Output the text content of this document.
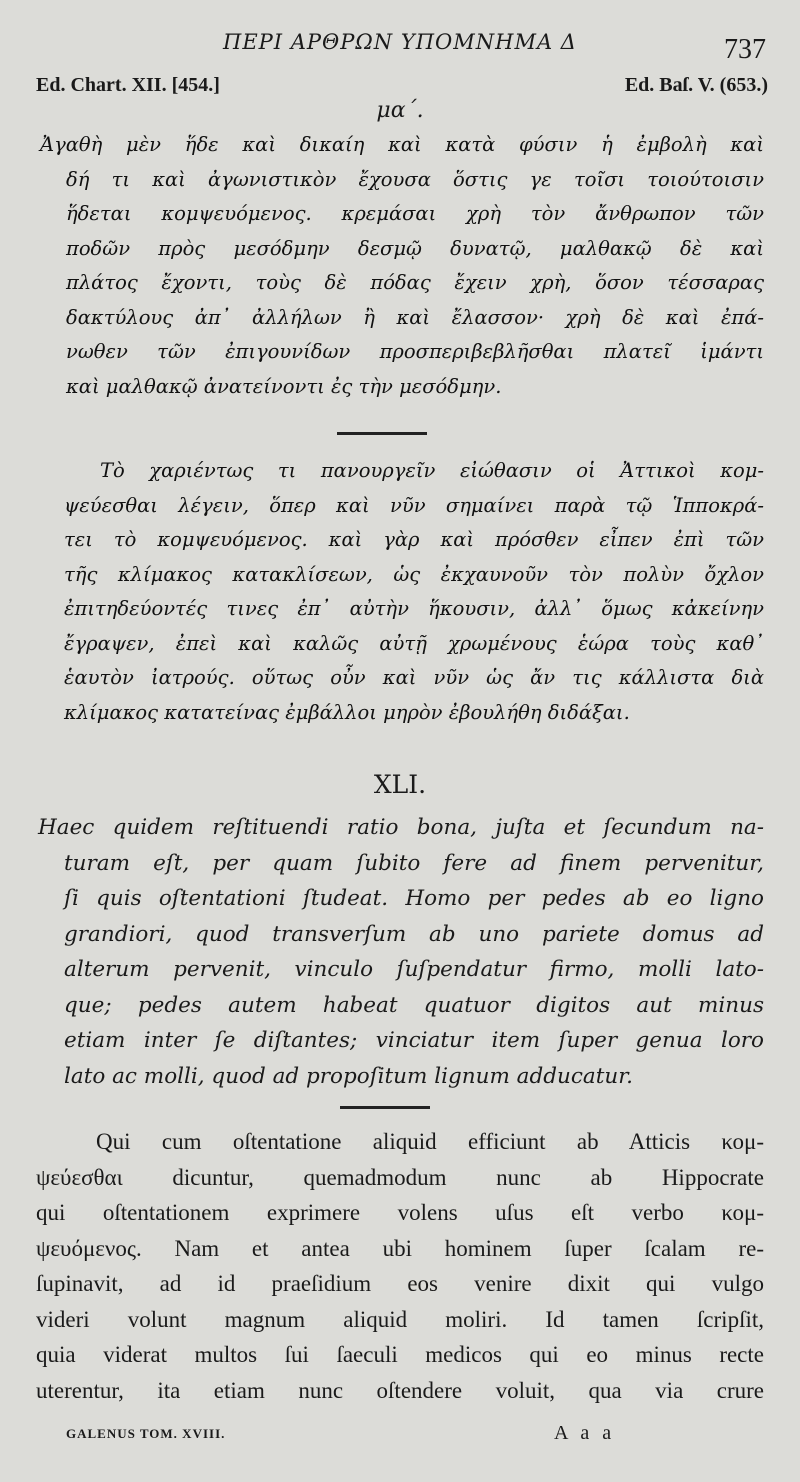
ΠΕΡΙ ΑΡΘΡΩΝ ΥΠΟΜΝΗΜΑ Δ	737
Ed. Chart. XII. [454.]	Ed. Baſ. V. (653.)
μα΄.
Ἀγαθὴ μὲν ἥδε καὶ δικαίη καὶ κατὰ φύσιν ἡ ἐμβολὴ καὶ
δή τι καὶ ἀγωνιστικὸν ἔχουσα ὅστις γε τοῖσι τοιούτοισιν
ἥδεται κομψευόμενος. κρεμάσαι χρὴ τὸν ἄνθρωπον τῶν
ποδῶν πρὸς μεσόδμην δεσμῷ δυνατῷ, μαλθακῷ δὲ καὶ
πλάτος ἔχοντι, τοὺς δὲ πόδας ἔχειν χρὴ, ὅσον τέσσαρας
δακτύλους ἀπ᾽ ἀλλήλων ἢ καὶ ἔλασσον· χρὴ δὲ καὶ ἐπά-
νωθεν τῶν ἐπιγουνίδων προσπεριβεβλῆσθαι πλατεῖ ἱμάντι
καὶ μαλθακῷ ἀνατείνοντι ἐς τὴν μεσόδμην.
Τὸ χαριέντως τι πανουργεῖν εἰώθασιν οἱ Ἀττικοὶ κομ-
ψεύεσθαι λέγειν, ὅπερ καὶ νῦν σημαίνει παρὰ τῷ Ἱπποκρά-
τει τὸ κομψευόμενος. καὶ γὰρ καὶ πρόσθεν εἶπεν ἐπὶ τῶν
τῆς κλίμακος κατακλίσεων, ὡς ἐκχαυνοῦν τὸν πολὺν ὄχλον
ἐπιτηδεύοντές τινες ἐπ᾽ αὐτὴν ἥκουσιν, ἀλλ᾽ ὅμως κἀκείνην
ἔγραψεν, ἐπεὶ καὶ καλῶς αὐτῇ χρωμένους ἑώρα τοὺς καθ᾽
ἑαυτὸν ἰατρούς. οὕτως οὖν καὶ νῦν ὡς ἄν τις κάλλιστα διὰ
κλίμακος κατατείνας ἐμβάλλοι μηρὸν ἐβουλήθη διδάξαι.
XLI.
Haec quidem reſtituendi ratio bona, juſta et ſecundum na-
turam eſt, per quam ſubito fere ad finem pervenitur,
ſi quis oſtentationi ſtudeat. Homo per pedes ab eo ligno
grandiori, quod transverſum ab uno pariete domus ad
alterum pervenit, vinculo ſuſpendatur firmo, molli lato-
que; pedes autem habeat quatuor digitos aut minus
etiam inter ſe diſtantes; vinciatur item ſuper genua loro
lato ac molli, quod ad propoſitum lignum adducatur.
Qui cum oſtentatione aliquid efficiunt ab Atticis κομ-
ψεύεσθαι dicuntur, quemadmodum nunc ab Hippocrate
qui oſtentationem exprimere volens uſus eſt verbo κομ-
ψευόμενος. Nam et antea ubi hominem ſuper ſcalam re-
ſupinavit, ad id praeſidium eos venire dixit qui vulgo
videri volunt magnum aliquid moliri. Id tamen ſcripſit,
quia viderat multos ſui ſaeculi medicos qui eo minus recte
uterentur, ita etiam nunc oſtendere voluit, qua via crure
GALENUS TOM. XVIII.	A a a
